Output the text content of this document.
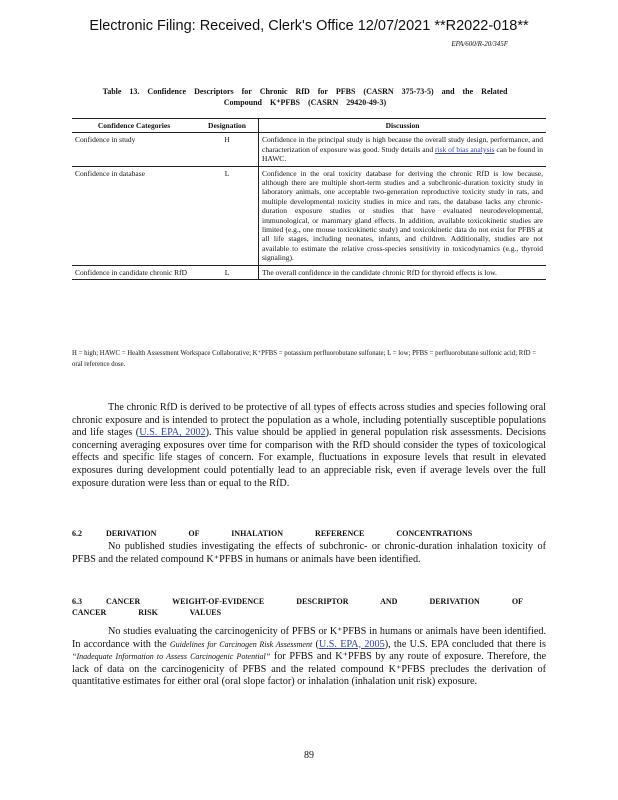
Electronic Filing: Received, Clerk's Office 12/07/2021 **R2022-018**
EPA/600/R-20/345F
Table 13. Confidence Descriptors for Chronic RfD for PFBS (CASRN 375-73-5) and the Related Compound K⁺PFBS (CASRN 29420-49-3)
Confidence Categories	Designation	Discussion
Confidence in study	H	Confidence in the principal study is high because the overall study design, performance, and characterization of exposure was good. Study details and risk of bias analysis can be found in HAWC.
Confidence in database	L	Confidence in the oral toxicity database for deriving the chronic RfD is low because, although there are multiple short-term studies and a subchronic-duration toxicity study in laboratory animals, one acceptable two-generation reproductive toxicity study in rats, and multiple developmental toxicity studies in mice and rats, the database lacks any chronic-duration exposure studies or studies that have evaluated neurodevelopmental, immunological, or mammary gland effects. In addition, available toxicokinetic studies are limited (e.g., one mouse toxicokinetic study) and toxicokinetic data do not exist for PFBS at all life stages, including neonates, infants, and children. Additionally, studies are not available to estimate the relative cross-species sensitivity in toxicodynamics (e.g., thyroid signaling).
Confidence in candidate chronic RfD	L	The overall confidence in the candidate chronic RfD for thyroid effects is low.
H = high; HAWC = Health Assessment Workspace Collaborative; K⁺PFBS = potassium perfluorobutane sulfonate; L = low; PFBS = perfluorobutane sulfonic acid; RfD = oral reference dose.
The chronic RfD is derived to be protective of all types of effects across studies and species following oral chronic exposure and is intended to protect the population as a whole, including potentially susceptible populations and life stages (U.S. EPA, 2002). This value should be applied in general population risk assessments. Decisions concerning averaging exposures over time for comparison with the RfD should consider the types of toxicological effects and specific life stages of concern. For example, fluctuations in exposure levels that result in elevated exposures during development could potentially lead to an appreciable risk, even if average levels over the full exposure duration were less than or equal to the RfD.
6.2	DERIVATION OF INHALATION REFERENCE CONCENTRATIONS
No published studies investigating the effects of subchronic- or chronic-duration inhalation toxicity of PFBS and the related compound K⁺PFBS in humans or animals have been identified.
6.3	CANCER WEIGHT-OF-EVIDENCE DESCRIPTOR AND DERIVATION OF CANCER RISK VALUES
No studies evaluating the carcinogenicity of PFBS or K⁺PFBS in humans or animals have been identified. In accordance with the Guidelines for Carcinogen Risk Assessment (U.S. EPA, 2005), the U.S. EPA concluded that there is “Inadequate Information to Assess Carcinogenic Potential” for PFBS and K⁺PFBS by any route of exposure. Therefore, the lack of data on the carcinogenicity of PFBS and the related compound K⁺PFBS precludes the derivation of quantitative estimates for either oral (oral slope factor) or inhalation (inhalation unit risk) exposure.
89
